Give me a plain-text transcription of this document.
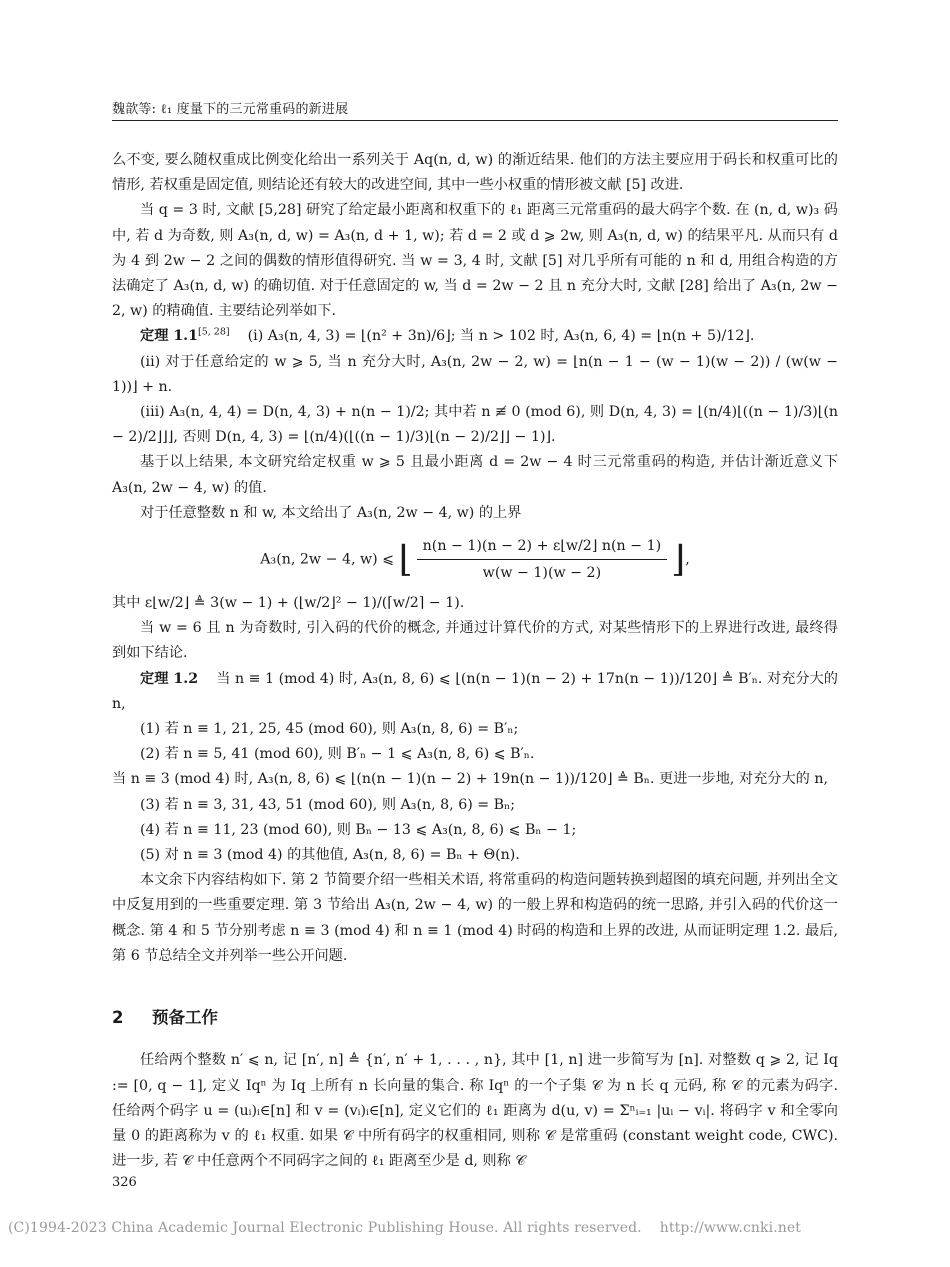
魏歆等: ℓ₁ 度量下的三元常重码的新进展

么不变, 要么随权重成比例变化给出一系列关于 Aq(n, d, w) 的渐近结果. 他们的方法主要应用于码长和权重可比的情形, 若权重是固定值, 则结论还有较大的改进空间, 其中一些小权重的情形被文献 [5] 改进.

当 q = 3 时, 文献 [5,28] 研究了给定最小距离和权重下的 ℓ₁ 距离三元常重码的最大码字个数. 在 (n, d, w)₃ 码中, 若 d 为奇数, 则 A₃(n, d, w) = A₃(n, d + 1, w); 若 d = 2 或 d ⩾ 2w, 则 A₃(n, d, w) 的结果平凡. 从而只有 d 为 4 到 2w − 2 之间的偶数的情形值得研究. 当 w = 3, 4 时, 文献 [5] 对几乎所有可能的 n 和 d, 用组合构造的方法确定了 A₃(n, d, w) 的确切值. 对于任意固定的 w, 当 d = 2w − 2 且 n 充分大时, 文献 [28] 给出了 A₃(n, 2w − 2, w) 的精确值. 主要结论列举如下.

定理 1.1[5, 28] (i) A₃(n, 4, 3) = ⌊(n² + 3n)/6⌋; 当 n > 102 时, A₃(n, 6, 4) = ⌊n(n + 5)/12⌋.

(ii) 对于任意给定的 w ⩾ 5, 当 n 充分大时, A₃(n, 2w − 2, w) = ⌊n(n − 1 − (w − 1)(w − 2)) / (w(w − 1))⌋ + n.

(iii) A₃(n, 4, 4) = D(n, 4, 3) + n(n − 1)/2; 其中若 n ≢ 0 (mod 6), 则 D(n, 4, 3) = ⌊(n/4)⌊((n − 1)/3)⌊(n − 2)/2⌋⌋⌋, 否则 D(n, 4, 3) = ⌊(n/4)(⌊((n − 1)/3)⌊(n − 2)/2⌋⌋ − 1)⌋.

基于以上结果, 本文研究给定权重 w ⩾ 5 且最小距离 d = 2w − 4 时三元常重码的构造, 并估计渐近意义下 A₃(n, 2w − 4, w) 的值.

对于任意整数 n 和 w, 本文给出了 A₃(n, 2w − 4, w) 的上界

A₃(n, 2w − 4, w) ⩽ ⌊ $\frac{n(n - 1)(n - 2) + \varepsilon⌊w/2⌋ n(n - 1)}{w(w - 1)(w - 2)}$ ⌋,

其中 ε⌊w/2⌋ ≜ 3(w − 1) + (⌊w/2⌋² − 1)/(⌈w/2⌉ − 1).

当 w = 6 且 n 为奇数时, 引入码的代价的概念, 并通过计算代价的方式, 对某些情形下的上界进行改进, 最终得到如下结论.

定理 1.2 当 n ≡ 1 (mod 4) 时, A₃(n, 8, 6) ⩽ ⌊(n(n − 1)(n − 2) + 17n(n − 1))/120⌋ ≜ B′ₙ. 对充分大的 n,

(1) 若 n ≡ 1, 21, 25, 45 (mod 60), 则 A₃(n, 8, 6) = B′ₙ;

(2) 若 n ≡ 5, 41 (mod 60), 则 B′ₙ − 1 ⩽ A₃(n, 8, 6) ⩽ B′ₙ.

当 n ≡ 3 (mod 4) 时, A₃(n, 8, 6) ⩽ ⌊(n(n − 1)(n − 2) + 19n(n − 1))/120⌋ ≜ Bₙ. 更进一步地, 对充分大的 n,

(3) 若 n ≡ 3, 31, 43, 51 (mod 60), 则 A₃(n, 8, 6) = Bₙ;

(4) 若 n ≡ 11, 23 (mod 60), 则 Bₙ − 13 ⩽ A₃(n, 8, 6) ⩽ Bₙ − 1;

(5) 对 n ≡ 3 (mod 4) 的其他值, A₃(n, 8, 6) = Bₙ + Θ(n).

本文余下内容结构如下. 第 2 节简要介绍一些相关术语, 将常重码的构造问题转换到超图的填充问题, 并列出全文中反复用到的一些重要定理. 第 3 节给出 A₃(n, 2w − 4, w) 的一般上界和构造码的统一思路, 并引入码的代价这一概念. 第 4 和 5 节分别考虑 n ≡ 3 (mod 4) 和 n ≡ 1 (mod 4) 时码的构造和上界的改进, 从而证明定理 1.2. 最后, 第 6 节总结全文并列举一些公开问题.

2 预备工作

任给两个整数 n′ ⩽ n, 记 [n′, n] ≜ {n′, n′ + 1, . . . , n}, 其中 [1, n] 进一步简写为 [n]. 对整数 q ⩾ 2, 记 Iq := [0, q − 1], 定义 Iqⁿ 为 Iq 上所有 n 长向量的集合. 称 Iqⁿ 的一个子集 𝒞 为 n 长 q 元码, 称 𝒞 的元素为码字. 任给两个码字 u = (uᵢ)ᵢ∈[n] 和 v = (vᵢ)ᵢ∈[n], 定义它们的 ℓ₁ 距离为 d(u, v) = Σⁿᵢ₌₁ |uᵢ − vᵢ|. 将码字 v 和全零向量 0 的距离称为 v 的 ℓ₁ 权重. 如果 𝒞 中所有码字的权重相同, 则称 𝒞 是常重码 (constant weight code, CWC). 进一步, 若 𝒞 中任意两个不同码字之间的 ℓ₁ 距离至少是 d, 则称 𝒞

326
(C)1994-2023 China Academic Journal Electronic Publishing House. All rights reserved. http://www.cnki.net
